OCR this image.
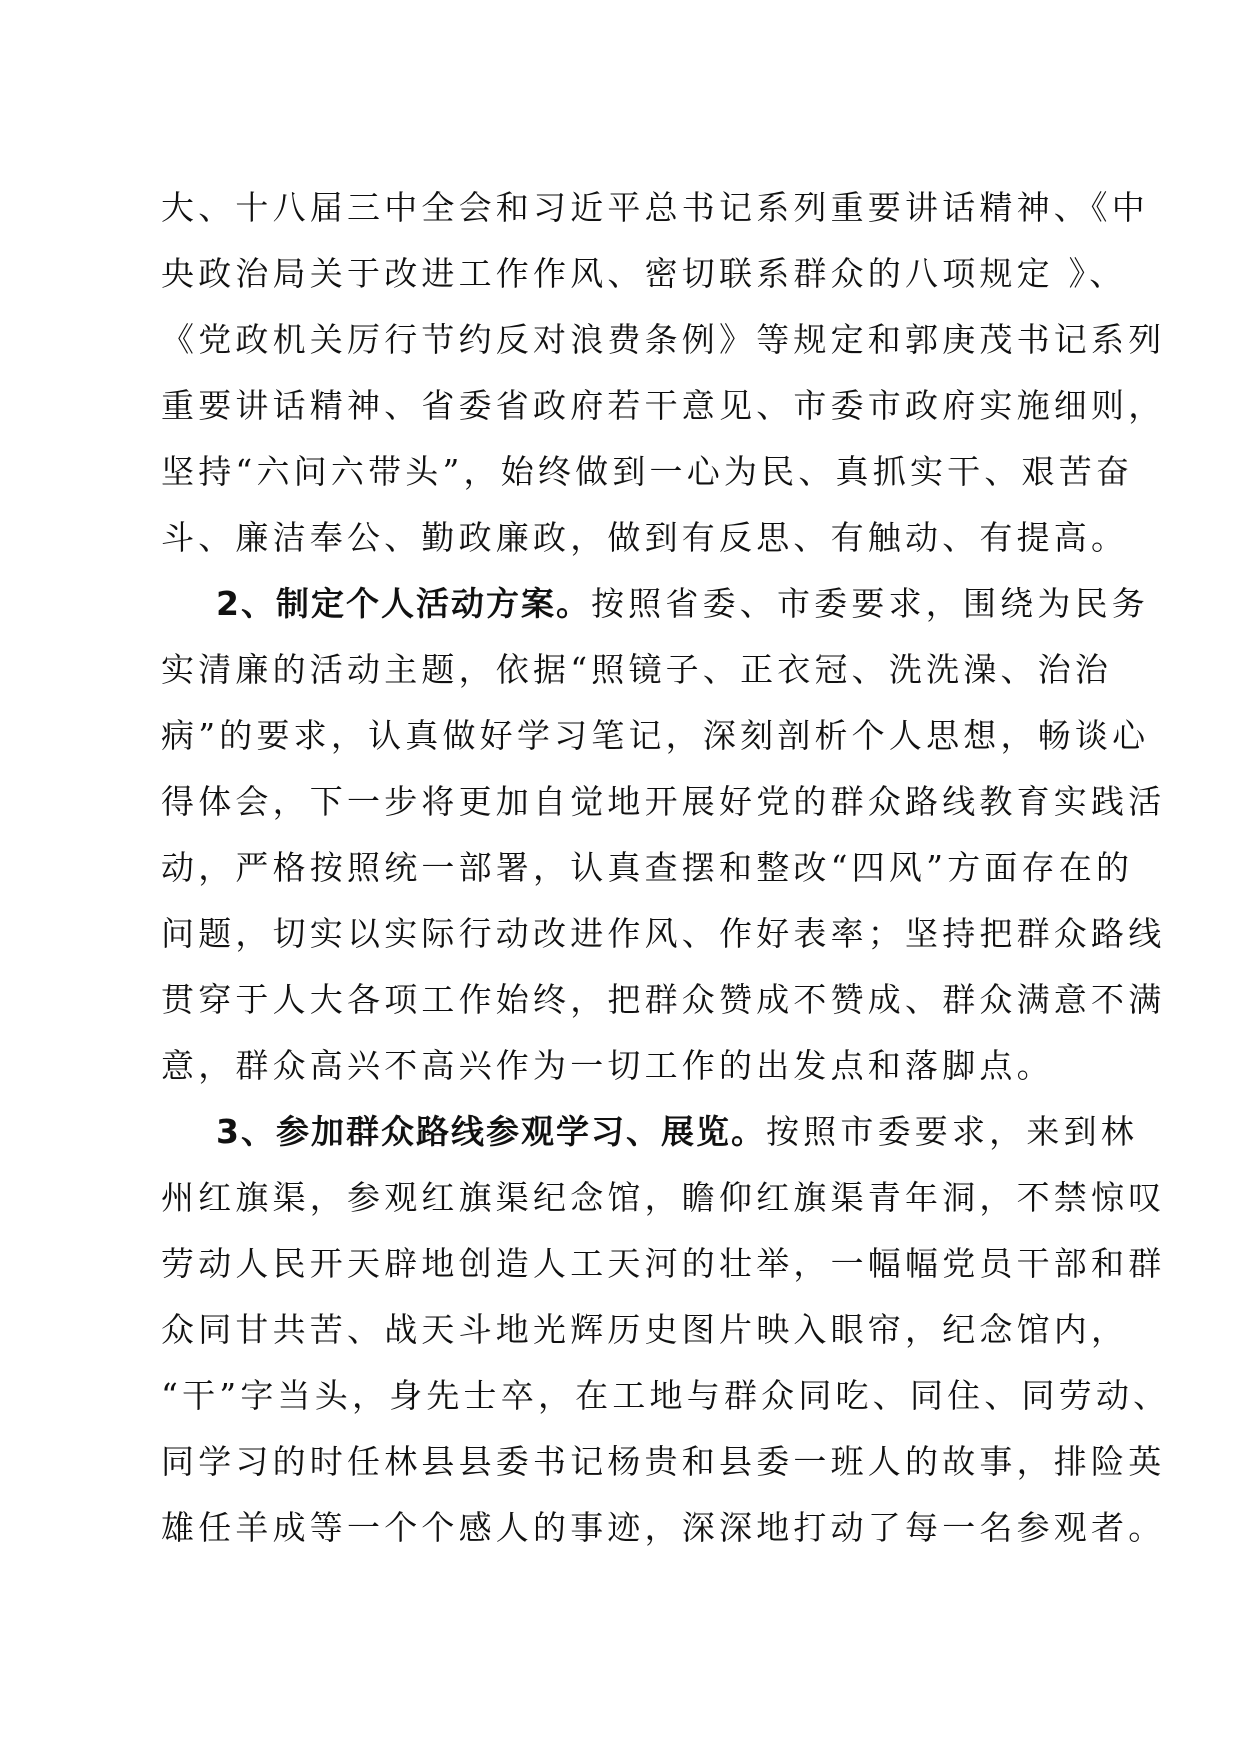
大、十八届三中全会和习近平总书记系列重要讲话精神、《中
央政治局关于改进工作作风、密切联系群众的八项规定 》、
《党政机关厉行节约反对浪费条例》等规定和郭庚茂书记系列
重要讲话精神、省委省政府若干意见、市委市政府实施细则，
坚持“六问六带头”，始终做到一心为民、真抓实干、艰苦奋
斗、廉洁奉公、勤政廉政，做到有反思、有触动、有提高。
2、制定个人活动方案。按照省委、市委要求，围绕为民务
实清廉的活动主题，依据“照镜子、正衣冠、洗洗澡、治治
病”的要求，认真做好学习笔记，深刻剖析个人思想，畅谈心
得体会，下一步将更加自觉地开展好党的群众路线教育实践活
动，严格按照统一部署，认真查摆和整改“四风”方面存在的
问题，切实以实际行动改进作风、作好表率；坚持把群众路线
贯穿于人大各项工作始终，把群众赞成不赞成、群众满意不满
意，群众高兴不高兴作为一切工作的出发点和落脚点。
3、参加群众路线参观学习、展览。按照市委要求，来到林
州红旗渠，参观红旗渠纪念馆，瞻仰红旗渠青年洞，不禁惊叹
劳动人民开天辟地创造人工天河的壮举，一幅幅党员干部和群
众同甘共苦、战天斗地光辉历史图片映入眼帘，纪念馆内，
“干”字当头，身先士卒，在工地与群众同吃、同住、同劳动、
同学习的时任林县县委书记杨贵和县委一班人的故事，排险英
雄任羊成等一个个感人的事迹，深深地打动了每一名参观者。
